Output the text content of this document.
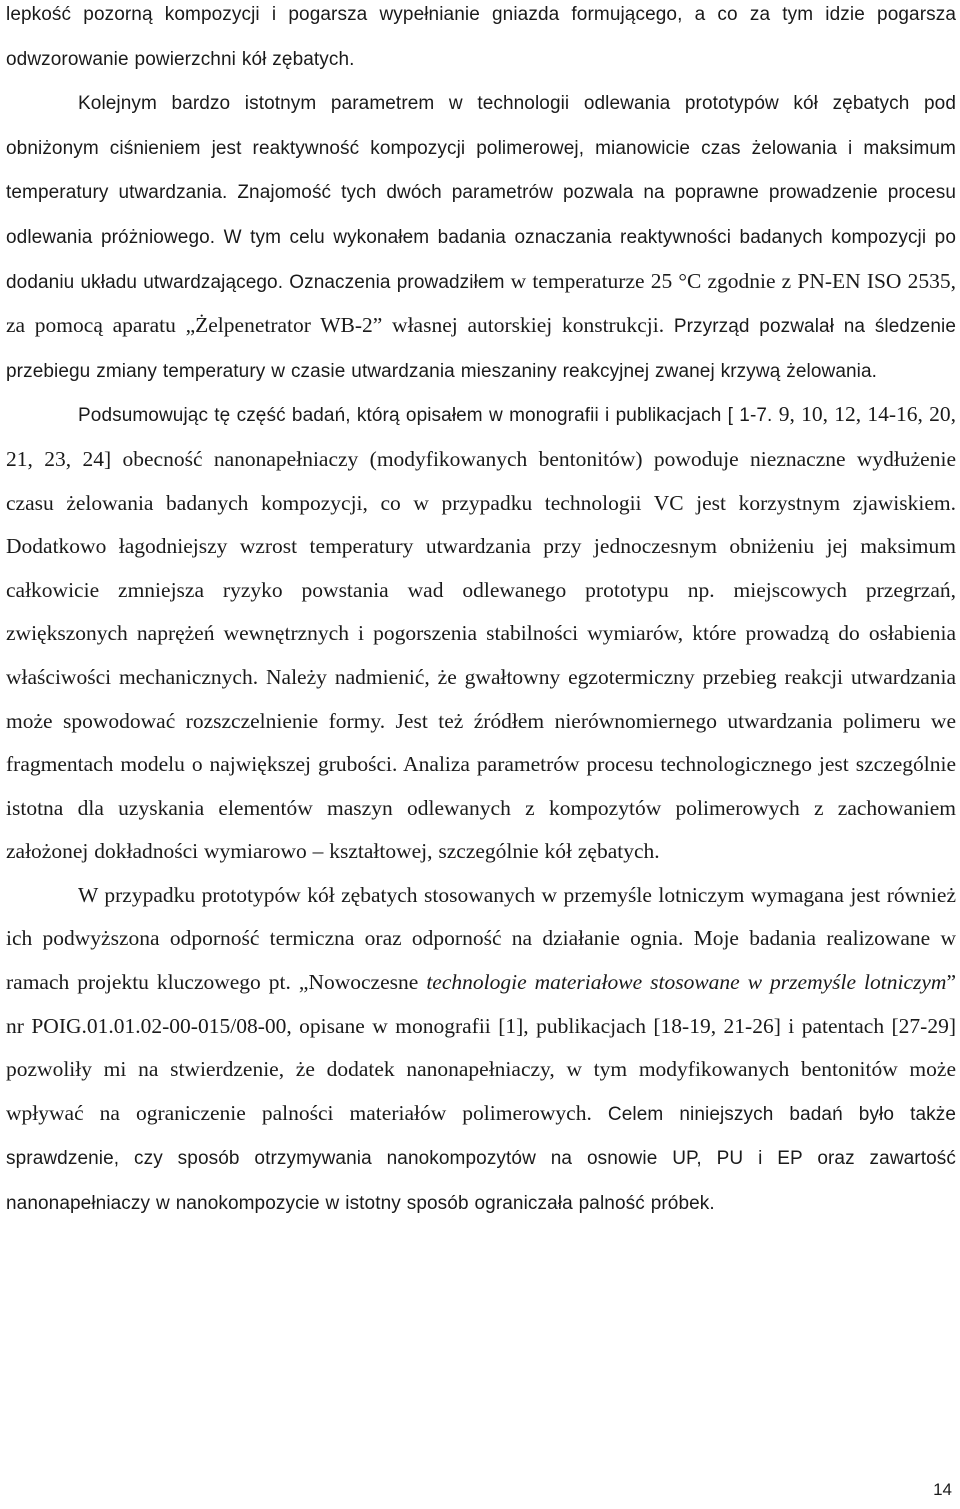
lepkość pozorną kompozycji i pogarsza wypełnianie gniazda formującego, a co za tym idzie pogarsza odwzorowanie powierzchni kół zębatych.

Kolejnym bardzo istotnym parametrem w technologii odlewania prototypów kół zębatych pod obniżonym ciśnieniem jest reaktywność kompozycji polimerowej, mianowicie czas żelowania i maksimum temperatury utwardzania. Znajomość tych dwóch parametrów pozwala na poprawne prowadzenie procesu odlewania próżniowego. W tym celu wykonałem badania oznaczania reaktywności badanych kompozycji po dodaniu układu utwardzającego. Oznaczenia prowadziłem w temperaturze 25 °C zgodnie z PN-EN ISO 2535, za pomocą aparatu „Żelpenetrator WB-2” własnej autorskiej konstrukcji. Przyrząd pozwalał na śledzenie przebiegu zmiany temperatury w czasie utwardzania mieszaniny reakcyjnej zwanej krzywą żelowania.

Podsumowując tę część badań, którą opisałem w monografii i publikacjach [ 1-7. 9, 10, 12, 14-16, 20, 21, 23, 24] obecność nanonapełniaczy (modyfikowanych bentonitów) powoduje nieznaczne wydłużenie czasu żelowania badanych kompozycji, co w przypadku technologii VC jest korzystnym zjawiskiem. Dodatkowo łagodniejszy wzrost temperatury utwardzania przy jednoczesnym obniżeniu jej maksimum całkowicie zmniejsza ryzyko powstania wad odlewanego prototypu np. miejscowych przegrzań, zwiększonych naprężeń wewnętrznych i pogorszenia stabilności wymiarów, które prowadzą do osłabienia właściwości mechanicznych. Należy nadmienić, że gwałtowny egzotermiczny przebieg reakcji utwardzania może spowodować rozszczelnienie formy. Jest też źródłem nierównomiernego utwardzania polimeru we fragmentach modelu o największej grubości. Analiza parametrów procesu technologicznego jest szczególnie istotna dla uzyskania elementów maszyn odlewanych z kompozytów polimerowych z zachowaniem założonej dokładności wymiarowo – kształtowej, szczególnie kół zębatych.

W przypadku prototypów kół zębatych stosowanych w przemyśle lotniczym wymagana jest również ich podwyższona odporność termiczna oraz odporność na działanie ognia. Moje badania realizowane w ramach projektu kluczowego pt. „Nowoczesne technologie materiałowe stosowane w przemyśle lotniczym” nr POIG.01.01.02-00-015/08-00, opisane w monografii [1], publikacjach [18-19, 21-26] i patentach [27-29] pozwoliły mi na stwierdzenie, że dodatek nanonapełniaczy, w tym modyfikowanych bentonitów może wpływać na ograniczenie palności materiałów polimerowych. Celem niniejszych badań było także sprawdzenie, czy sposób otrzymywania nanokompozytów na osnowie UP, PU i EP oraz zawartość nanonapełniaczy w nanokompozycie w istotny sposób ograniczała palność próbek.

14
